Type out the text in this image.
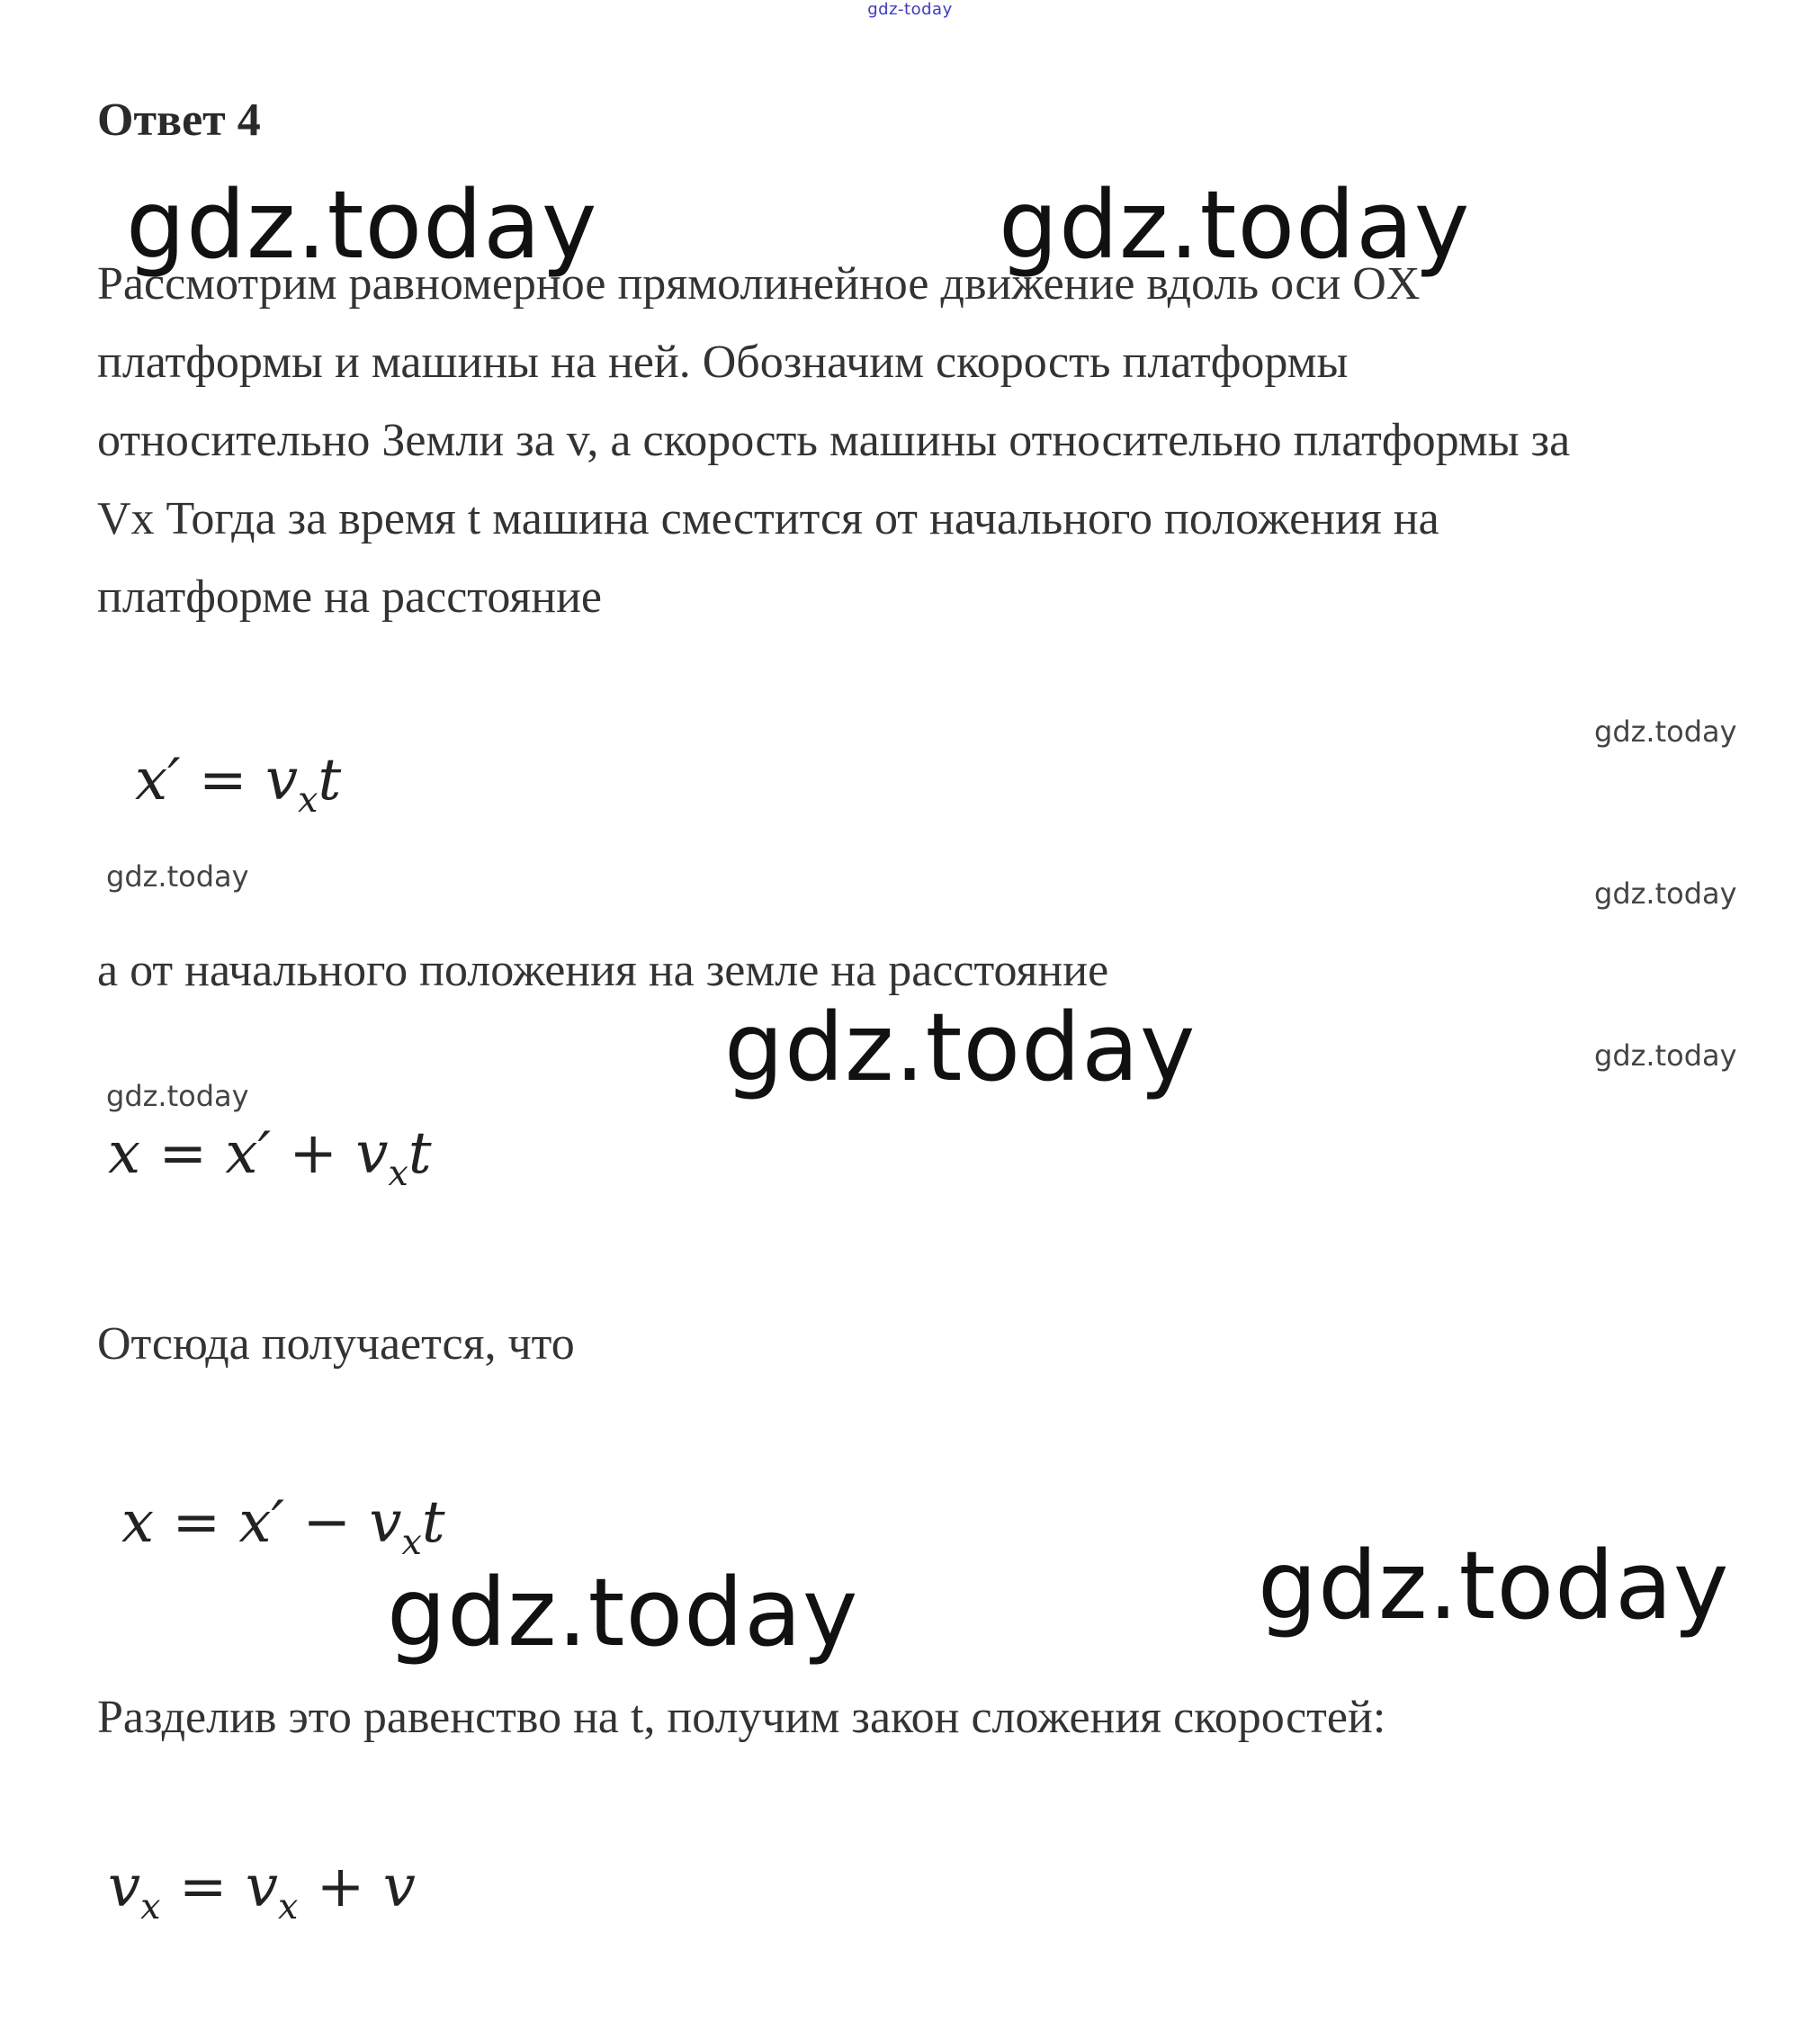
gdz-today
Ответ 4
Рассмотрим равномерное прямолинейное движение вдоль оси OX
платформы и машины на ней. Обозначим скорость платформы
относительно Земли за v, а скорость машины относительно платформы за
Vx Тогда за время t машина сместится от начального положения на
платформе на расстояние
$x' = v_xt$
а от начального положения на земле на расстояние
$x = x' + v_xt$
Отсюда получается, что
$x = x' - v_xt$
Разделив это равенство на t, получим закон сложения скоростей:
$v_x = v_x + v$
gdz.today	gdz.today
gdz.today
gdz.today	gdz.today
gdz.today
gdz.today	gdz.today
gdz.today
gdz.today
